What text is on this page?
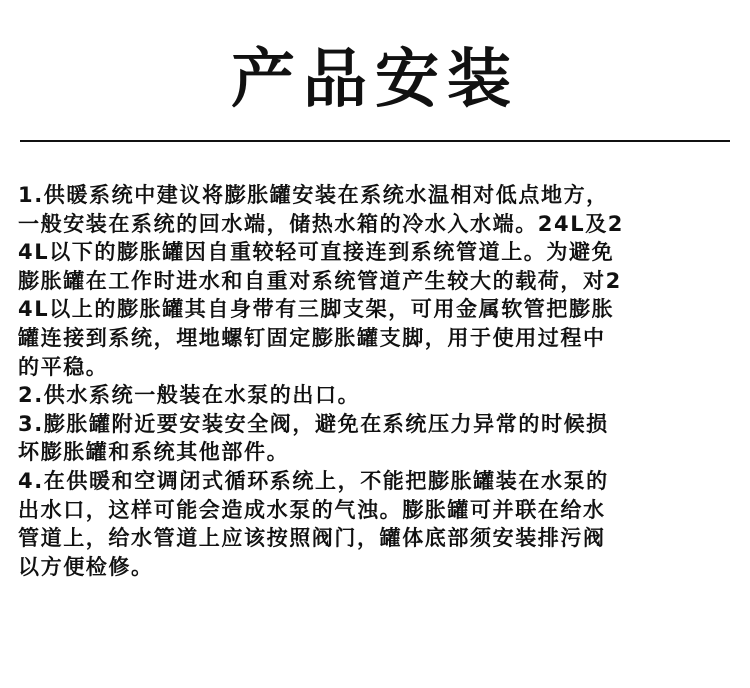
产品安装
1.供暖系统中建议将膨胀罐安装在系统水温相对低点地方，
一般安装在系统的回水端，储热水箱的冷水入水端。24L及2
4L以下的膨胀罐因自重较轻可直接连到系统管道上。为避免
膨胀罐在工作时进水和自重对系统管道产生较大的载荷，对2
4L以上的膨胀罐其自身带有三脚支架，可用金属软管把膨胀
罐连接到系统，埋地螺钉固定膨胀罐支脚，用于使用过程中
的平稳。
2.供水系统一般装在水泵的出口。
3.膨胀罐附近要安装安全阀，避免在系统压力异常的时候损
坏膨胀罐和系统其他部件。
4.在供暖和空调闭式循环系统上，不能把膨胀罐装在水泵的
出水口，这样可能会造成水泵的气浊。膨胀罐可并联在给水
管道上，给水管道上应该按照阀门，罐体底部须安装排污阀
以方便检修。
